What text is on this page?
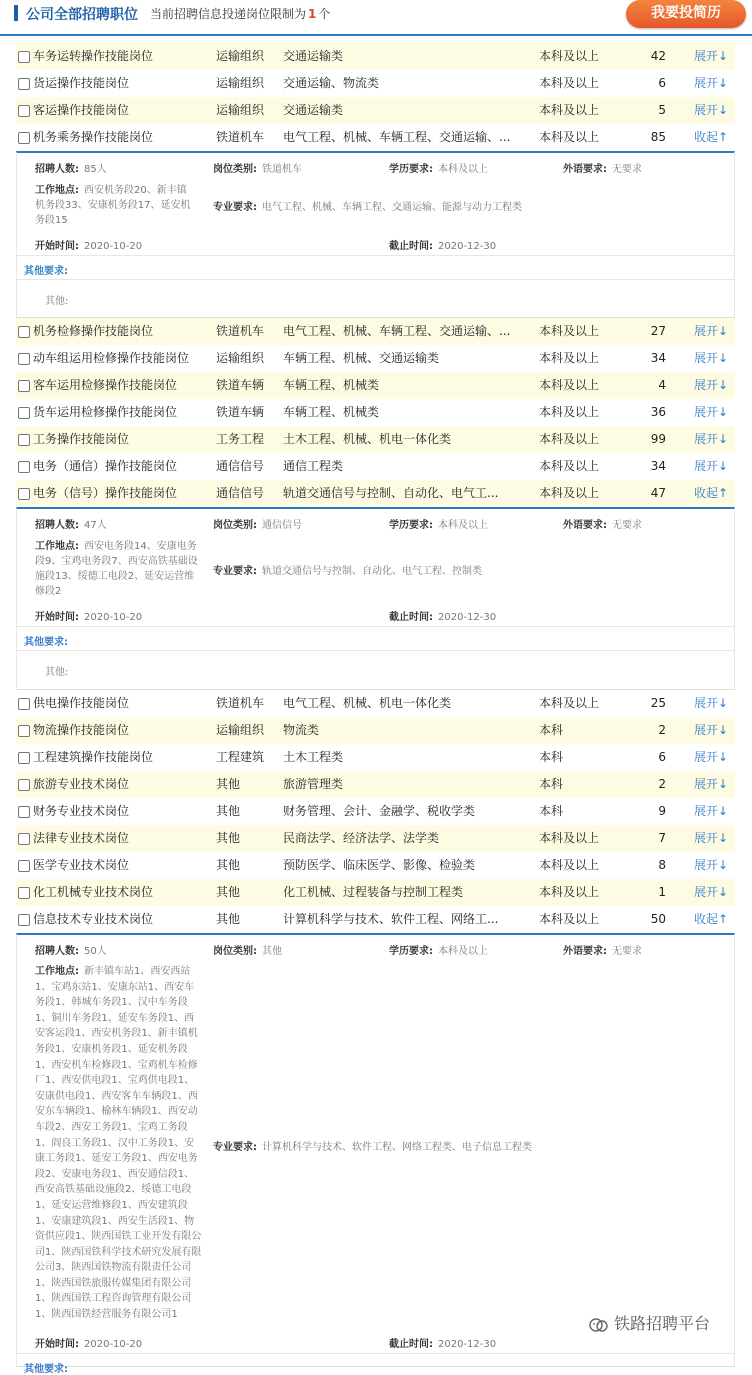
公司全部招聘职位 当前招聘信息投递岗位限制为 1 个	我要投简历
车务运转操作技能岗位	运输组织 交通运输类	本科及以上	42 展开↓
货运操作技能岗位	运输组织 交通运输、物流类	本科及以上	6 展开↓
客运操作技能岗位	运输组织 交通运输类	本科及以上	5 展开↓
机务乘务操作技能岗位	铁道机车 电气工程、机械、车辆工程、交通运输、...	本科及以上	85 收起↑
招聘人数: 85人	岗位类别: 铁道机车	学历要求: 本科及以上	外语要求: 无要求
工作地点: 西安机务段20、新丰镇
机务段33、安康机务段17、延安机
务段15
专业要求: 电气工程、机械、车辆工程、交通运输、能源与动力工程类
开始时间: 2020-10-20	截止时间: 2020-12-30
其他要求:
其他:
机务检修操作技能岗位	铁道机车 电气工程、机械、车辆工程、交通运输、...	本科及以上	27 展开↓
动车组运用检修操作技能岗位 运输组织 车辆工程、机械、交通运输类	本科及以上	34 展开↓
客车运用检修操作技能岗位	铁道车辆 车辆工程、机械类	本科及以上	4 展开↓
货车运用检修操作技能岗位	铁道车辆 车辆工程、机械类	本科及以上	36 展开↓
工务操作技能岗位	工务工程 土木工程、机械、机电一体化类	本科及以上	99 展开↓
电务（通信）操作技能岗位	通信信号 通信工程类	本科及以上	34 展开↓
电务（信号）操作技能岗位	通信信号 轨道交通信号与控制、自动化、电气工...	本科及以上	47 收起↑
招聘人数: 47人	岗位类别: 通信信号	学历要求: 本科及以上	外语要求: 无要求
工作地点: 西安电务段14、安康电务
段9、宝鸡电务段7、西安高铁基础设
施段13、绥德工电段2、延安运营维
修段2
专业要求: 轨道交通信号与控制、自动化、电气工程、控制类
开始时间: 2020-10-20	截止时间: 2020-12-30
其他要求:
其他:
供电操作技能岗位	铁道机车 电气工程、机械、机电一体化类	本科及以上	25 展开↓
物流操作技能岗位	运输组织 物流类	本科	2 展开↓
工程建筑操作技能岗位	工程建筑 土木工程类	本科	6 展开↓
旅游专业技术岗位	其他	旅游管理类	本科	2 展开↓
财务专业技术岗位	其他	财务管理、会计、金融学、税收学类	本科	9 展开↓
法律专业技术岗位	其他	民商法学、经济法学、法学类	本科及以上	7 展开↓
医学专业技术岗位	其他	预防医学、临床医学、影像、检验类	本科及以上	8 展开↓
化工机械专业技术岗位	其他	化工机械、过程装备与控制工程类	本科及以上	1 展开↓
信息技术专业技术岗位	其他	计算机科学与技术、软件工程、网络工...	本科及以上	50 收起↑
招聘人数: 50人	岗位类别: 其他	学历要求: 本科及以上	外语要求: 无要求
工作地点: 新丰镇车站1、西安西站
1、宝鸡东站1、安康东站1、西安车
务段1、韩城车务段1、汉中车务段
1、铜川车务段1、延安车务段1、西
安客运段1、西安机务段1、新丰镇机
务段1、安康机务段1、延安机务段
1、西安机车检修段1、宝鸡机车检修
厂1、西安供电段1、宝鸡供电段1、
安康供电段1、西安客车车辆段1、西
安东车辆段1、榆林车辆段1、西安动
车段2、西安工务段1、宝鸡工务段
1、阎良工务段1、汉中工务段1、安
康工务段1、延安工务段1、西安电务
段2、安康电务段1、西安通信段1、
西安高铁基础设施段2、绥德工电段
1、延安运营维修段1、西安建筑段
1、安康建筑段1、西安生活段1、物
资供应段1、陕西国铁工业开发有限公
司1、陕西国铁科学技术研究发展有限
公司3、陕西国铁物流有限责任公司
1、陕西国铁旅服传媒集团有限公司
1、陕西国铁工程咨询管理有限公司
1、陕西国铁经营服务有限公司1
专业要求: 计算机科学与技术、软件工程、网络工程类、电子信息工程类
开始时间: 2020-10-20	截止时间: 2020-12-30
其他要求:
铁路招聘平台
